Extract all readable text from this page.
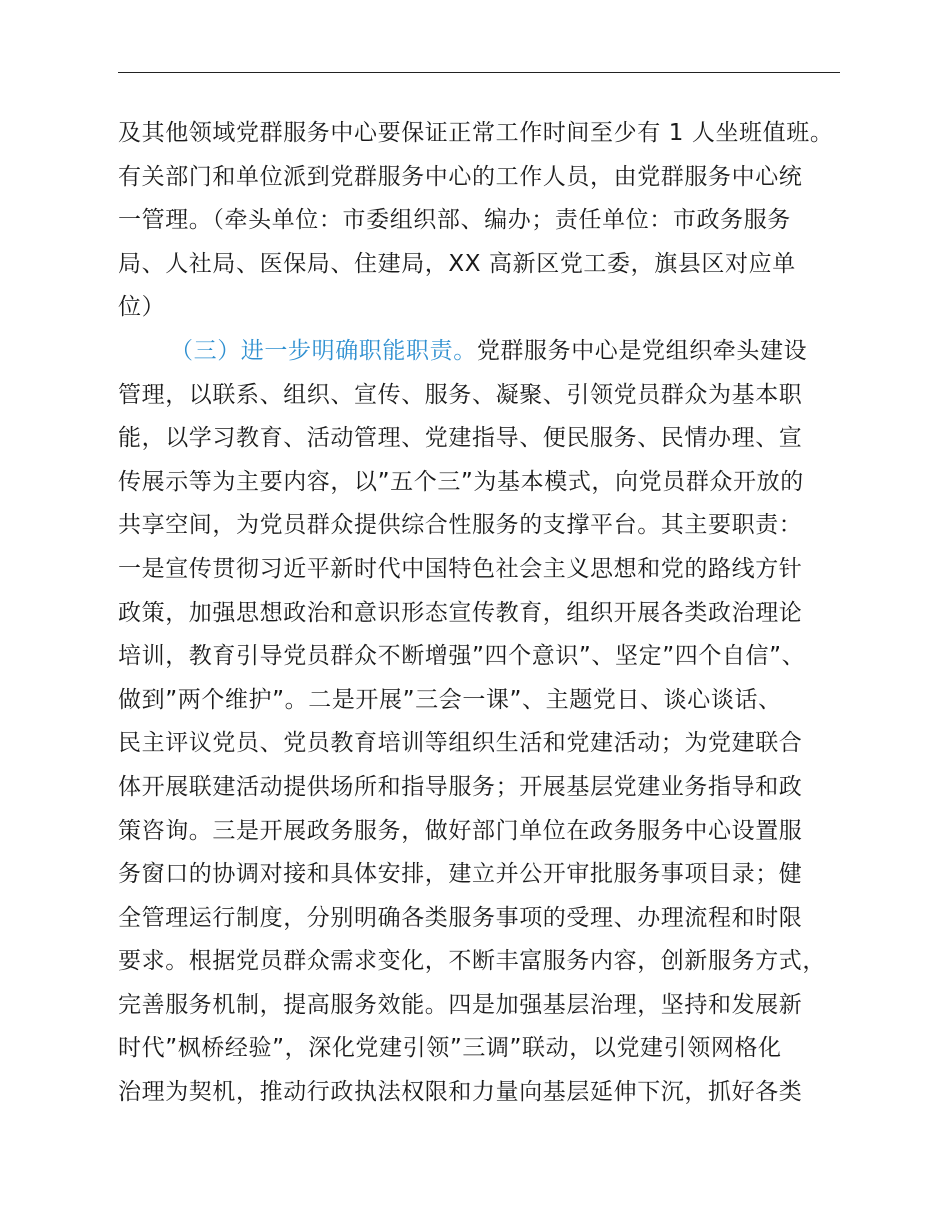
及其他领域党群服务中心要保证正常工作时间至少有 1 人坐班值班。
有关部门和单位派到党群服务中心的工作人员，由党群服务中心统
一管理。（牵头单位：市委组织部、编办；责任单位：市政务服务
局、人社局、医保局、住建局，XX 高新区党工委，旗县区对应单
位）
（三）进一步明确职能职责。党群服务中心是党组织牵头建设
管理，以联系、组织、宣传、服务、凝聚、引领党员群众为基本职
能，以学习教育、活动管理、党建指导、便民服务、民情办理、宣
传展示等为主要内容，以”五个三”为基本模式，向党员群众开放的
共享空间，为党员群众提供综合性服务的支撑平台。其主要职责：
一是宣传贯彻习近平新时代中国特色社会主义思想和党的路线方针
政策，加强思想政治和意识形态宣传教育，组织开展各类政治理论
培训，教育引导党员群众不断增强”四个意识”、坚定”四个自信”、
做到”两个维护”。二是开展”三会一课”、主题党日、谈心谈话、
民主评议党员、党员教育培训等组织生活和党建活动；为党建联合
体开展联建活动提供场所和指导服务；开展基层党建业务指导和政
策咨询。三是开展政务服务，做好部门单位在政务服务中心设置服
务窗口的协调对接和具体安排，建立并公开审批服务事项目录；健
全管理运行制度，分别明确各类服务事项的受理、办理流程和时限
要求。根据党员群众需求变化，不断丰富服务内容，创新服务方式，
完善服务机制，提高服务效能。四是加强基层治理，坚持和发展新
时代”枫桥经验”，深化党建引领”三调”联动，以党建引领网格化
治理为契机，推动行政执法权限和力量向基层延伸下沉，抓好各类
